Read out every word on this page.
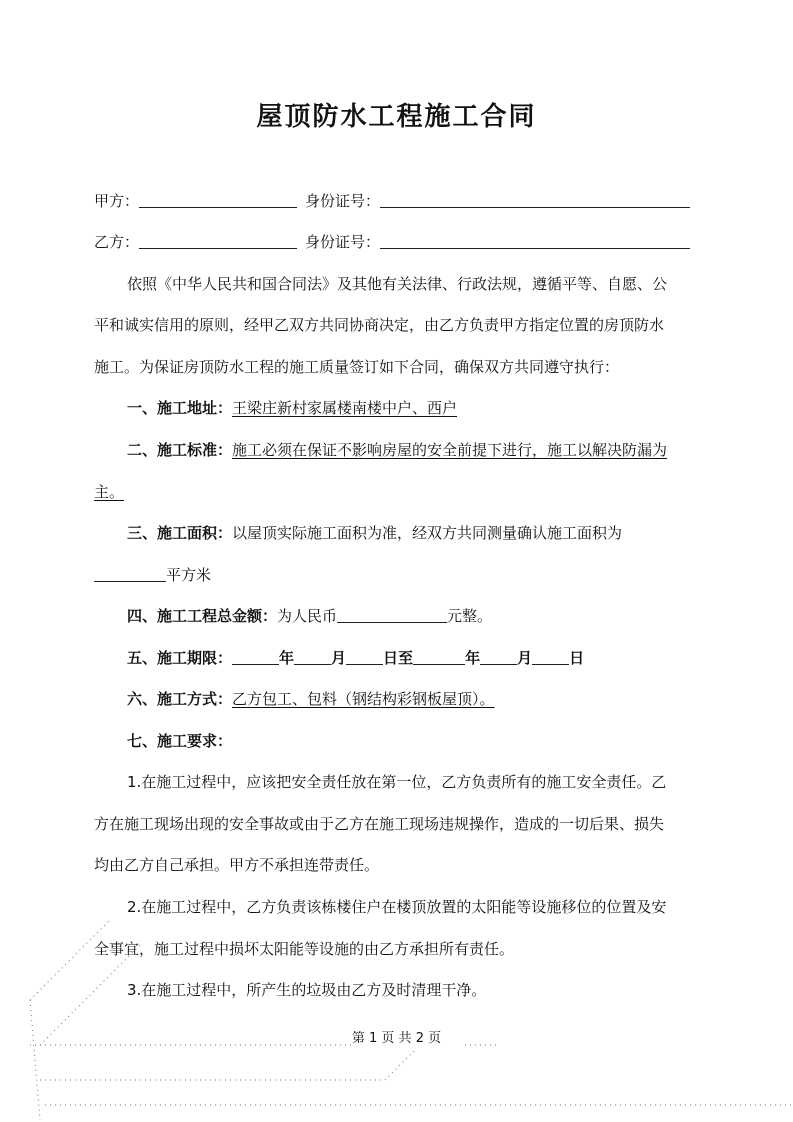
屋顶防水工程施工合同
甲方：	身份证号：
乙方：	身份证号：
依照《中华人民共和国合同法》及其他有关法律、行政法规，遵循平等、自愿、公
平和诚实信用的原则，经甲乙双方共同协商决定，由乙方负责甲方指定位置的房顶防水
施工。为保证房顶防水工程的施工质量签订如下合同，确保双方共同遵守执行：
一、施工地址：王梁庄新村家属楼南楼中户、西户
二、施工标准：施工必须在保证不影响房屋的安全前提下进行，施工以解决防漏为
主。
三、施工面积：以屋顶实际施工面积为准，经双方共同测量确认施工面积为
平方米
四、施工工程总金额：为人民币	元整。
五、施工期限：	年 月 日至	年 月 日
六、施工方式：乙方包工、包料（钢结构彩钢板屋顶）。
七、施工要求：
1.在施工过程中，应该把安全责任放在第一位，乙方负责所有的施工安全责任。乙
方在施工现场出现的安全事故或由于乙方在施工现场违规操作，造成的一切后果、损失
均由乙方自己承担。甲方不承担连带责任。
2.在施工过程中，乙方负责该栋楼住户在楼顶放置的太阳能等设施移位的位置及安
全事宜，施工过程中损坏太阳能等设施的由乙方承担所有责任。
3.在施工过程中，所产生的垃圾由乙方及时清理干净。
第 1 页 共 2 页
